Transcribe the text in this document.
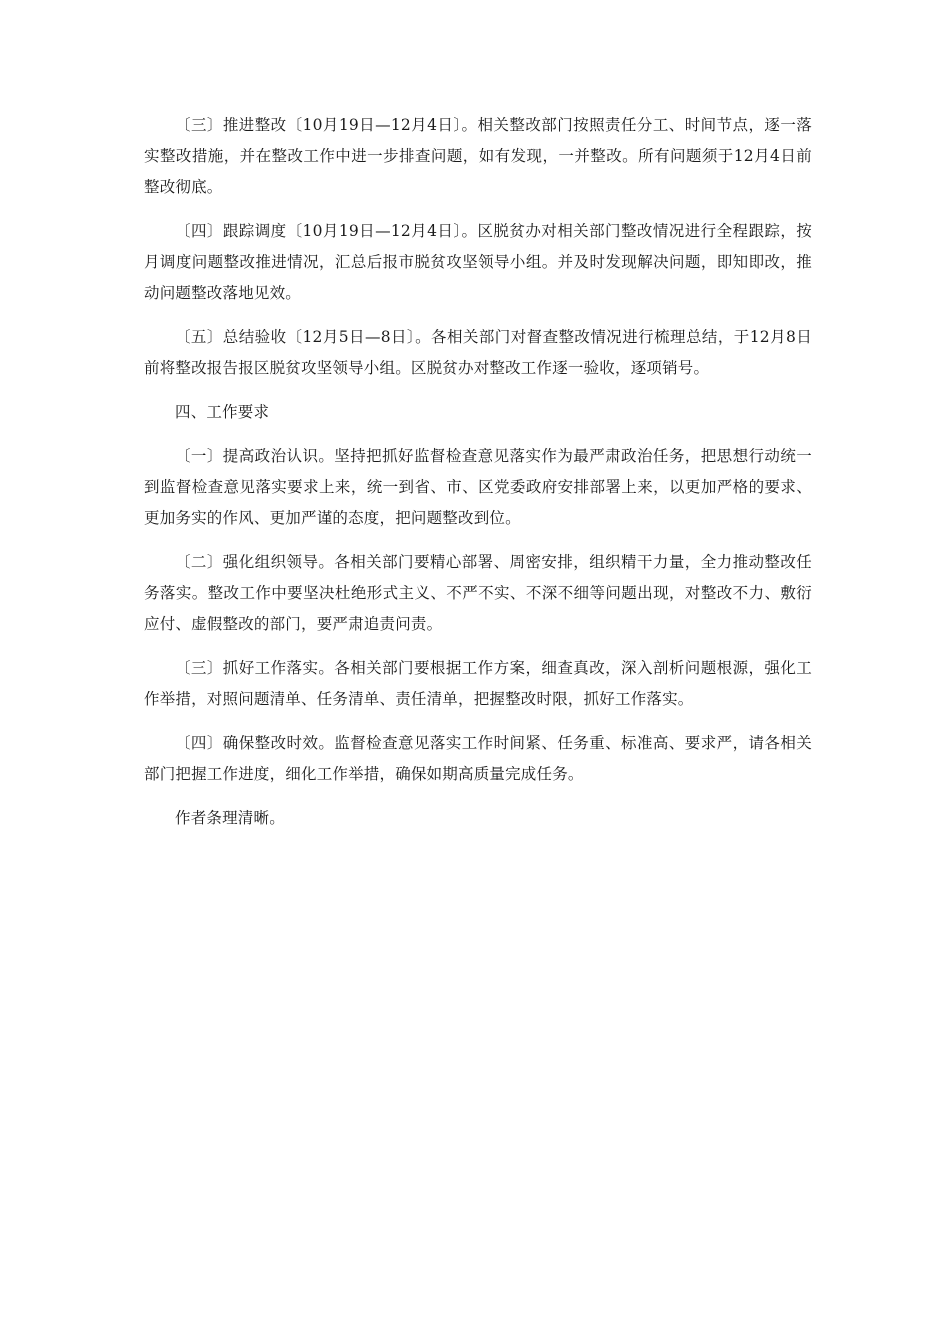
〔三〕推进整改〔10月19日—12月4日〕。相关整改部门按照责任分工、时间节点，逐一落实整改措施，并在整改工作中进一步排查问题，如有发现，一并整改。所有问题须于12月4日前整改彻底。

〔四〕跟踪调度〔10月19日—12月4日〕。区脱贫办对相关部门整改情况进行全程跟踪，按月调度问题整改推进情况，汇总后报市脱贫攻坚领导小组。并及时发现解决问题，即知即改，推动问题整改落地见效。

〔五〕总结验收〔12月5日—8日〕。各相关部门对督查整改情况进行梳理总结，于12月8日前将整改报告报区脱贫攻坚领导小组。区脱贫办对整改工作逐一验收，逐项销号。

四、工作要求

〔一〕提高政治认识。坚持把抓好监督检查意见落实作为最严肃政治任务，把思想行动统一到监督检查意见落实要求上来，统一到省、市、区党委政府安排部署上来，以更加严格的要求、更加务实的作风、更加严谨的态度，把问题整改到位。

〔二〕强化组织领导。各相关部门要精心部署、周密安排，组织精干力量，全力推动整改任务落实。整改工作中要坚决杜绝形式主义、不严不实、不深不细等问题出现，对整改不力、敷衍应付、虚假整改的部门，要严肃追责问责。

〔三〕抓好工作落实。各相关部门要根据工作方案，细查真改，深入剖析问题根源，强化工作举措，对照问题清单、任务清单、责任清单，把握整改时限，抓好工作落实。

〔四〕确保整改时效。监督检查意见落实工作时间紧、任务重、标准高、要求严，请各相关部门把握工作进度，细化工作举措，确保如期高质量完成任务。

作者条理清晰。
